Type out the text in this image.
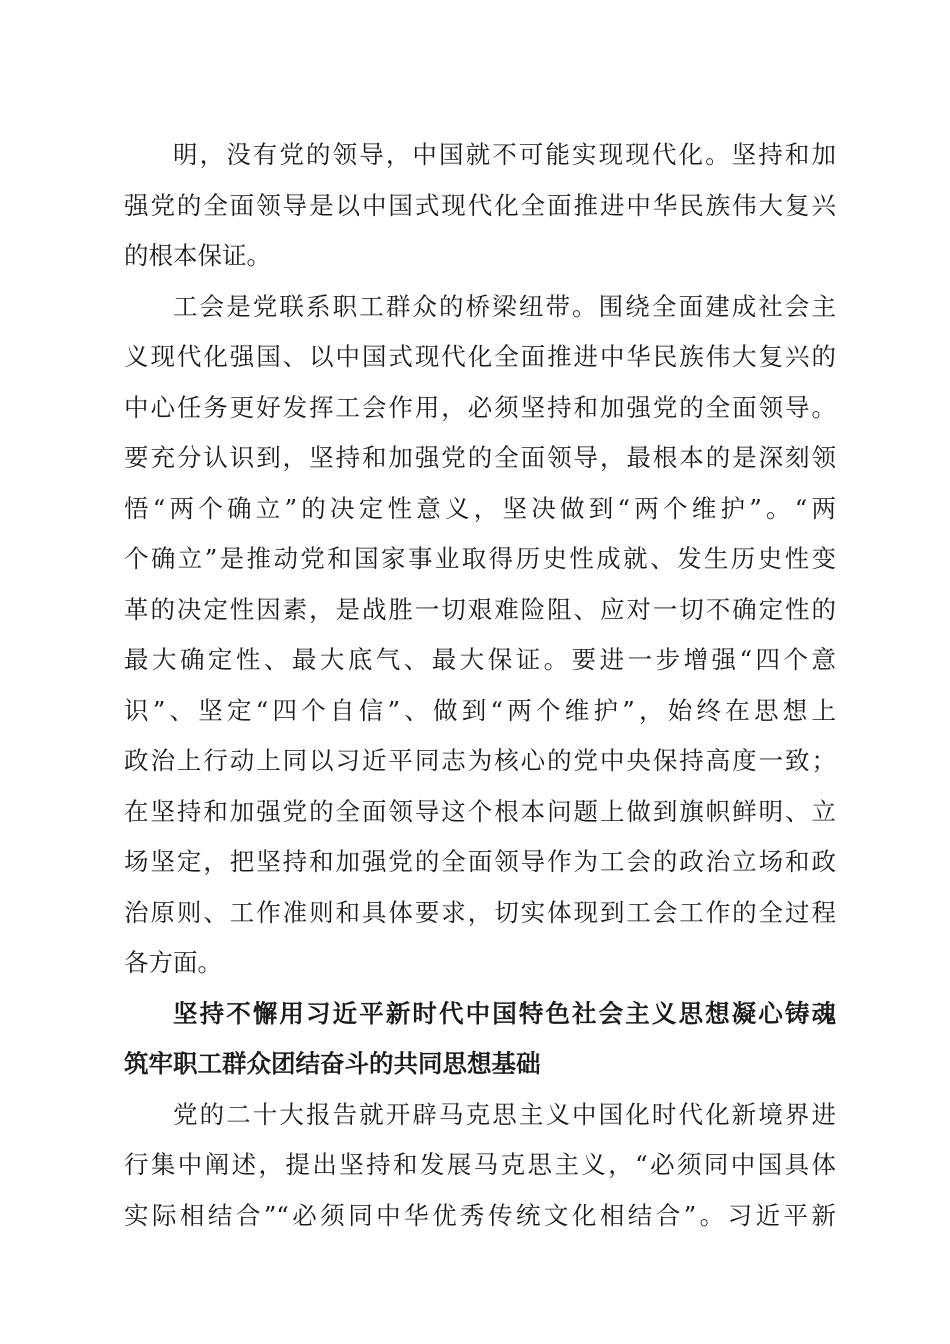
明，没有党的领导，中国就不可能实现现代化。坚持和加
强党的全面领导是以中国式现代化全面推进中华民族伟大复兴
的根本保证。
工会是党联系职工群众的桥梁纽带。围绕全面建成社会主
义现代化强国、以中国式现代化全面推进中华民族伟大复兴的
中心任务更好发挥工会作用，必须坚持和加强党的全面领导。
要充分认识到，坚持和加强党的全面领导，最根本的是深刻领
悟“两个确立”的决定性意义，坚决做到“两个维护”。“两
个确立”是推动党和国家事业取得历史性成就、发生历史性变
革的决定性因素，是战胜一切艰难险阻、应对一切不确定性的
最大确定性、最大底气、最大保证。要进一步增强“四个意
识”、坚定“四个自信”、做到“两个维护”，始终在思想上
政治上行动上同以习近平同志为核心的党中央保持高度一致；
在坚持和加强党的全面领导这个根本问题上做到旗帜鲜明、立
场坚定，把坚持和加强党的全面领导作为工会的政治立场和政
治原则、工作准则和具体要求，切实体现到工会工作的全过程
各方面。
坚持不懈用习近平新时代中国特色社会主义思想凝心铸魂
筑牢职工群众团结奋斗的共同思想基础
党的二十大报告就开辟马克思主义中国化时代化新境界进
行集中阐述，提出坚持和发展马克思主义，“必须同中国具体
实际相结合”“必须同中华优秀传统文化相结合”。习近平新
